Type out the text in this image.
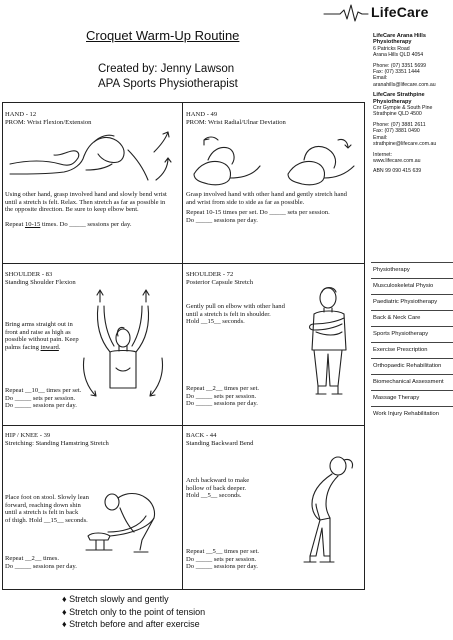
LifeCare
Croquet Warm-Up Routine
Created by: Jenny Lawson
APA Sports Physiotherapist
LifeCare Arana Hills Physiotherapy
6 Patricks Road
Arana Hills QLD 4054
Phone: (07) 3351 5699
Fax: (07) 3351 1444
Email:
aranahills@lifecare.com.au
LifeCare Strathpine Physiotherapy
Cnr Gympie & South Pine
Strathpine QLD 4500
Phone: (07) 3881 2611
Fax: (07) 3881 0490
Email:
strathpine@lifecare.com.au
Internet:
www.lifecare.com.au
ABN 99 090 415 639
Physiotherapy
Musculoskeletal Physio
Paediatric Physiotherapy
Back & Neck Care
Sports Physiotherapy
Exercise Prescription
Orthopaedic Rehabilitation
Biomechanical Assessment
Massage Therapy
Work Injury Rehabilitation
HAND - 12
PROM: Wrist Flexion/Extension
Using other hand, grasp involved hand and slowly bend wrist
until a stretch is felt. Relax. Then stretch as far as possible in
the opposite direction. Be sure to keep elbow bent.
Repeat 10-15 times. Do _____ sessions per day.
HAND - 49
PROM: Wrist Radial/Ulnar Deviation
Grasp involved hand with other hand and gently stretch hand
and wrist from side to side as far as possible.
Repeat 10-15 times per set. Do _____ sets per session.
Do _____ sessions per day.
SHOULDER - 83
Standing Shoulder Flexion
Bring arms straight out in
front and raise as high as
possible without pain. Keep
palms facing inward.
Repeat __10__ times per set.
Do _____ sets per session.
Do _____ sessions per day.
SHOULDER - 72
Posterior Capsule Stretch
Gently pull on elbow with other hand
until a stretch is felt in shoulder.
Hold __15__ seconds.
Repeat __2__ times per set.
Do _____ sets per session.
Do _____ sessions per day.
HIP / KNEE - 39
Stretching: Standing Hamstring Stretch
Place foot on stool. Slowly lean
forward, reaching down shin
until a stretch is felt in back
of thigh. Hold __15__ seconds.
Repeat __2__ times.
Do _____ sessions per day.
BACK - 44
Standing Backward Bend
Arch backward to make
hollow of back deeper.
Hold __5__ seconds.
Repeat __5__ times per set.
Do _____ sets per session.
Do _____ sessions per day.
♦ Stretch slowly and gently
♦ Stretch only to the point of tension
♦ Stretch before and after exercise
